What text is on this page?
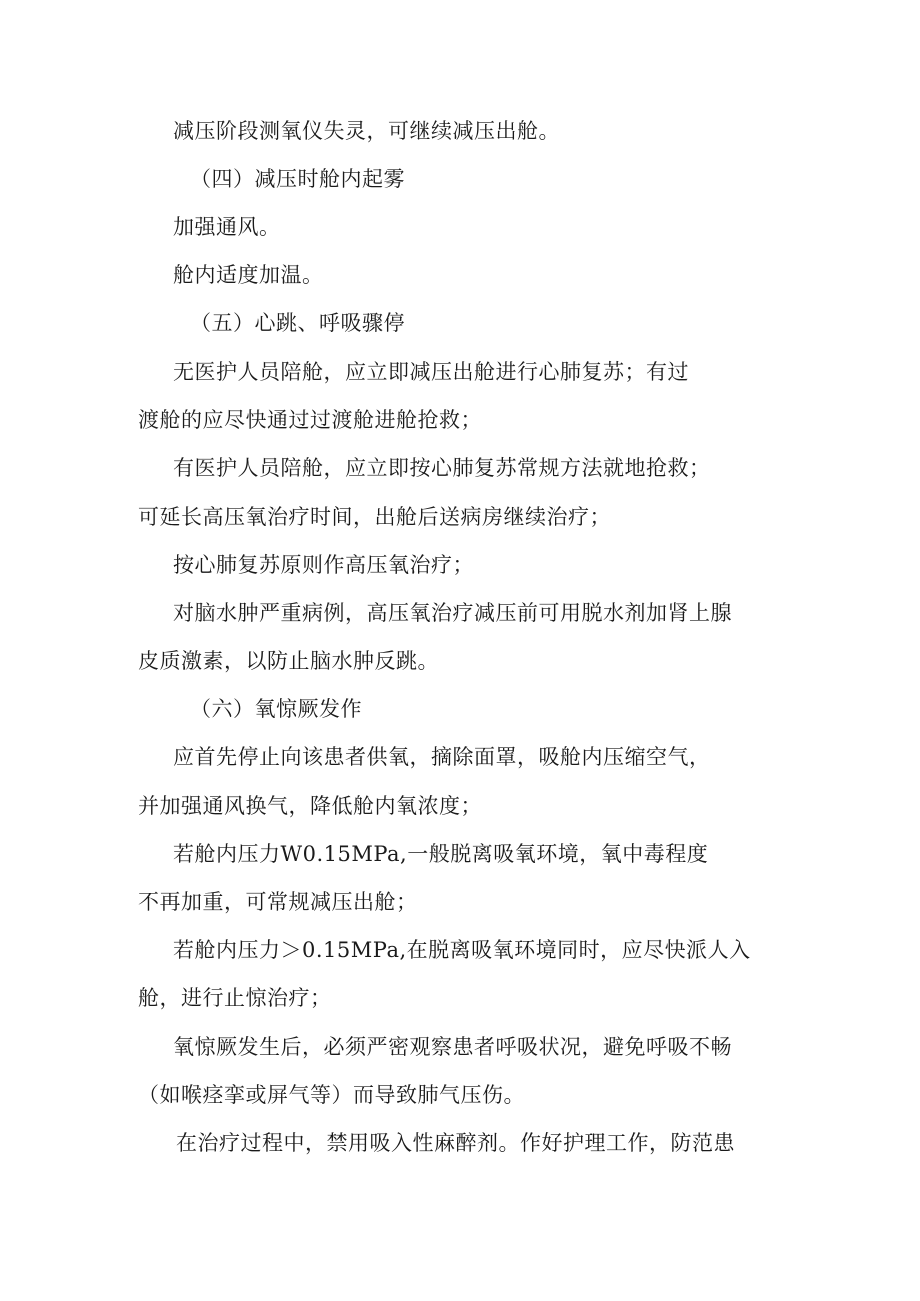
减压阶段测氧仪失灵，可继续减压出舱。
（四）减压时舱内起雾
加强通风。
舱内适度加温。
（五）心跳、呼吸骤停
无医护人员陪舱，应立即减压出舱进行心肺复苏；有过
渡舱的应尽快通过过渡舱进舱抢救；
有医护人员陪舱，应立即按心肺复苏常规方法就地抢救；
可延长高压氧治疗时间，出舱后送病房继续治疗；
按心肺复苏原则作高压氧治疗；
对脑水肿严重病例，高压氧治疗减压前可用脱水剂加肾上腺
皮质激素，以防止脑水肿反跳。
（六）氧惊厥发作
应首先停止向该患者供氧，摘除面罩，吸舱内压缩空气，
并加强通风换气，降低舱内氧浓度；
若舱内压力W0.15MPa,一般脱离吸氧环境，氧中毒程度
不再加重，可常规减压出舱；
若舱内压力＞0.15MPa,在脱离吸氧环境同时，应尽快派人入
舱，进行止惊治疗；
氧惊厥发生后，必须严密观察患者呼吸状况，避免呼吸不畅
（如喉痉挛或屏气等）而导致肺气压伤。
在治疗过程中，禁用吸入性麻醉剂。作好护理工作，防范患
